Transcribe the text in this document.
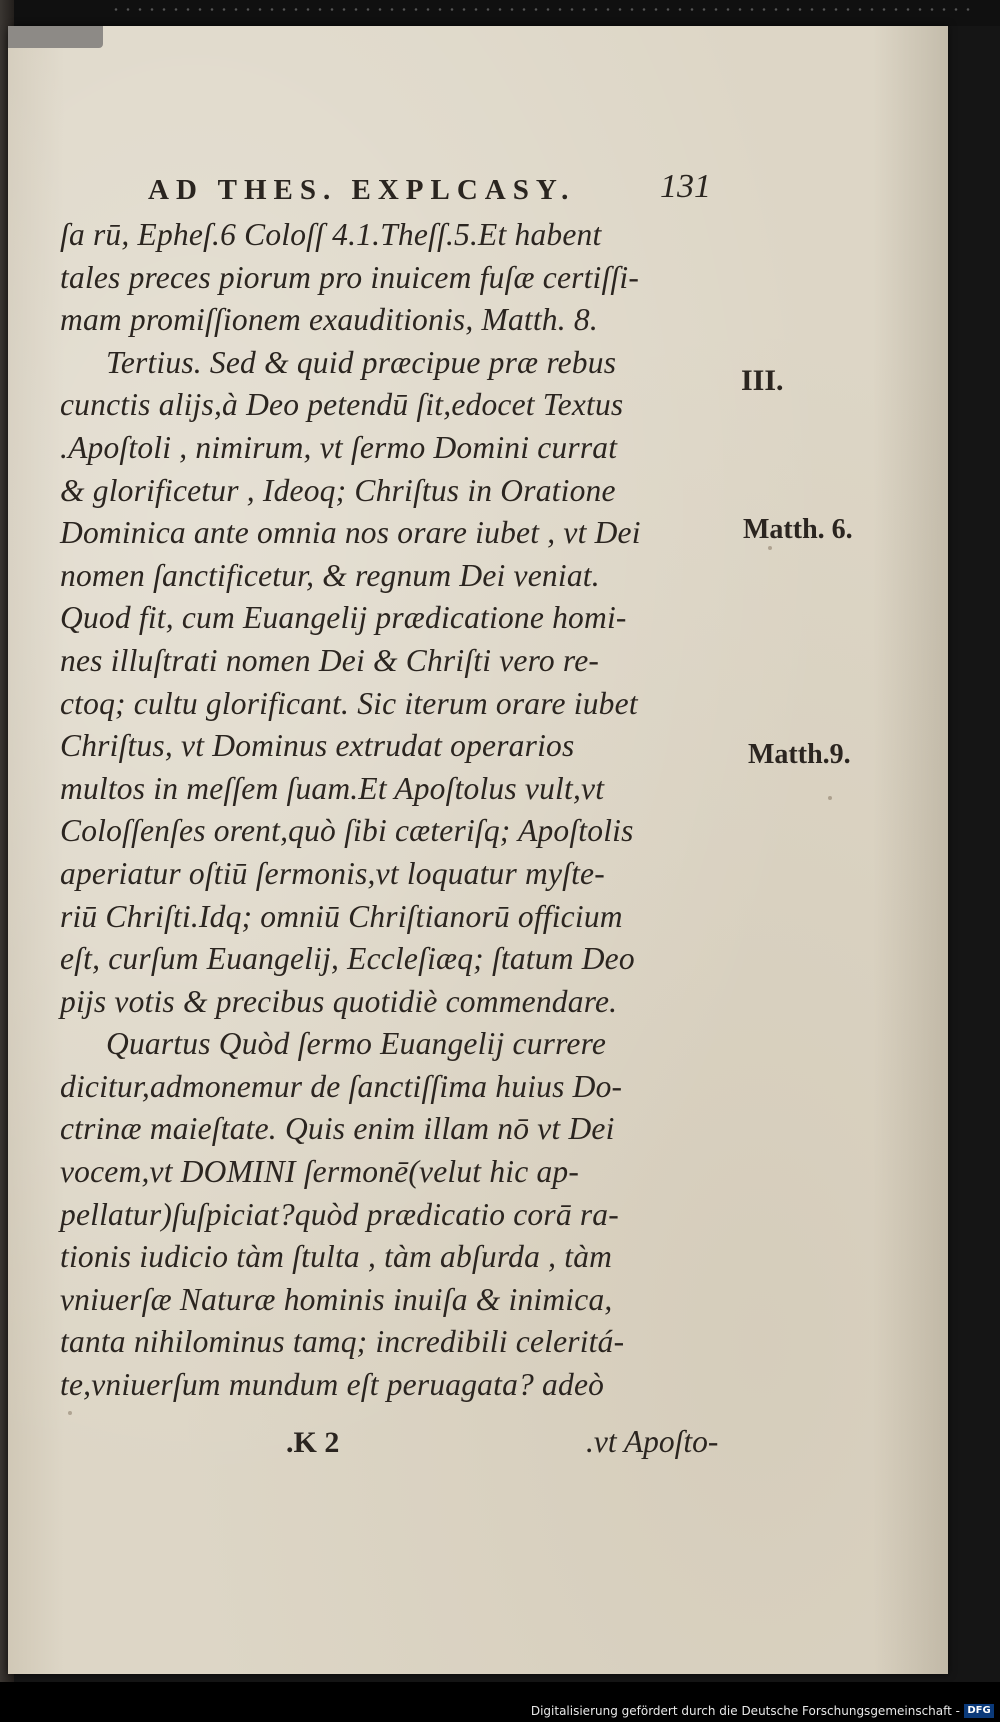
AD THES. EXPLCASY. 131
ſa rū, Epheſ.6 Coloſſ 4.1.Theſſ.5.Et habent
tales preces piorum pro inuicem fuſæ certiſſi-
mam promiſſionem exauditionis, Matth. 8.
Tertius. Sed & quid præcipue præ rebus
cunctis alijs,à Deo petendū ſit,edocet Textus
.Apoſtoli , nimirum, vt ſermo Domini currat
& glorificetur , Ideoq; Chriſtus in Oratione
Dominica ante omnia nos orare iubet , vt Dei
nomen ſanctificetur, & regnum Dei veniat.
Quod fit, cum Euangelij prædicatione homi-
nes illuſtrati nomen Dei & Chriſti vero re-
ctoq; cultu glorificant. Sic iterum orare iubet
Chriſtus, vt Dominus extrudat operarios
multos in meſſem ſuam.Et Apoſtolus vult,vt
Coloſſenſes orent,quò ſibi cæteriſq; Apoſtolis
aperiatur oſtiū ſermonis,vt loquatur myſte-
riū Chriſti.Idq; omniū Chriſtianorū officium
eſt, curſum Euangelij, Eccleſiæq; ſtatum Deo
pijs votis & precibus quotidiè commendare.
Quartus Quòd ſermo Euangelij currere
dicitur,admonemur de ſanctiſſima huius Do-
ctrinæ maieſtate. Quis enim illam nō vt Dei
vocem,vt DOMINI ſermonē(velut hic ap-
pellatur)ſuſpiciat?quòd prædicatio corā ra-
tionis iudicio tàm ſtulta , tàm abſurda , tàm
vniuerſæ Naturæ hominis inuiſa & inimica,
tanta nihilominus tamq; incredibili celeritá-
te,vniuerſum mundum eſt peruagata? adeò
III.
Matth. 6.
Matth.9.
.K 2	.vt Apoſto-
Digitalisierung gefördert durch die Deutsche Forschungsgemeinschaft - DFG
